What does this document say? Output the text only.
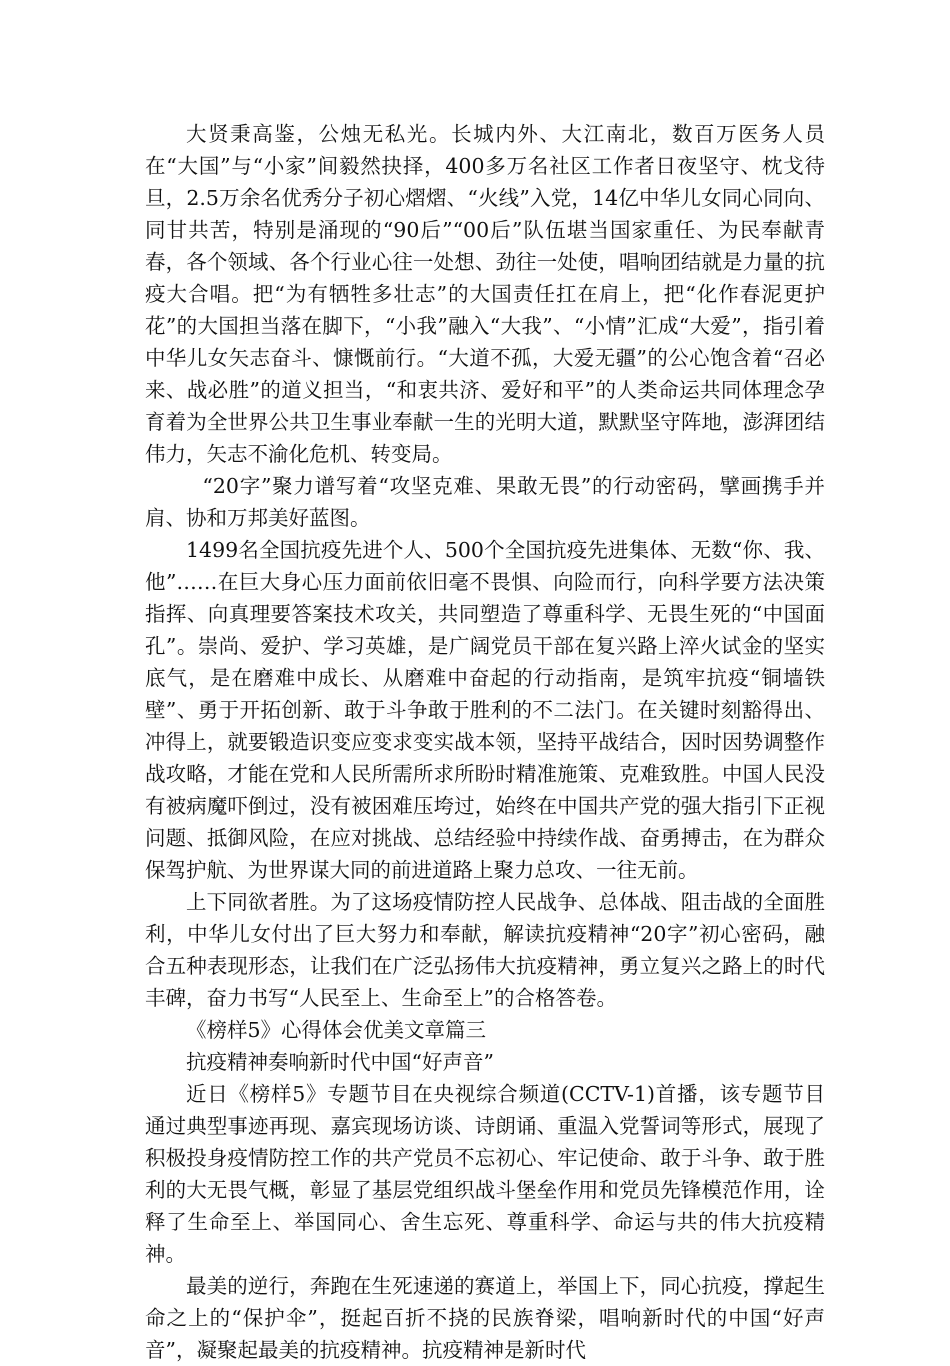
大贤秉高鉴，公烛无私光。长城内外、大江南北，数百万医务人员在“大国”与“小家”间毅然抉择，400多万名社区工作者日夜坚守、枕戈待旦，2.5万余名优秀分子初心熠熠、“火线”入党，14亿中华儿女同心同向、同甘共苦，特别是涌现的“90后”“00后”队伍堪当国家重任、为民奉献青春，各个领域、各个行业心往一处想、劲往一处使，唱响团结就是力量的抗疫大合唱。把“为有牺牲多壮志”的大国责任扛在肩上，把“化作春泥更护花”的大国担当落在脚下，“小我”融入“大我”、“小情”汇成“大爱”，指引着中华儿女矢志奋斗、慷慨前行。“大道不孤，大爱无疆”的公心饱含着“召必来、战必胜”的道义担当，“和衷共济、爱好和平”的人类命运共同体理念孕育着为全世界公共卫生事业奉献一生的光明大道，默默坚守阵地，澎湃团结伟力，矢志不渝化危机、转变局。

“20字”聚力谱写着“攻坚克难、果敢无畏”的行动密码，擘画携手并肩、协和万邦美好蓝图。

1499名全国抗疫先进个人、500个全国抗疫先进集体、无数“你、我、他”……在巨大身心压力面前依旧毫不畏惧、向险而行，向科学要方法决策指挥、向真理要答案技术攻关，共同塑造了尊重科学、无畏生死的“中国面孔”。崇尚、爱护、学习英雄，是广阔党员干部在复兴路上淬火试金的坚实底气，是在磨难中成长、从磨难中奋起的行动指南，是筑牢抗疫“铜墙铁壁”、勇于开拓创新、敢于斗争敢于胜利的不二法门。在关键时刻豁得出、冲得上，就要锻造识变应变求变实战本领，坚持平战结合，因时因势调整作战攻略，才能在党和人民所需所求所盼时精准施策、克难致胜。中国人民没有被病魔吓倒过，没有被困难压垮过，始终在中国共产党的强大指引下正视问题、抵御风险，在应对挑战、总结经验中持续作战、奋勇搏击，在为群众保驾护航、为世界谋大同的前进道路上聚力总攻、一往无前。

上下同欲者胜。为了这场疫情防控人民战争、总体战、阻击战的全面胜利，中华儿女付出了巨大努力和奉献，解读抗疫精神“20字”初心密码，融合五种表现形态，让我们在广泛弘扬伟大抗疫精神，勇立复兴之路上的时代丰碑，奋力书写“人民至上、生命至上”的合格答卷。

《榜样5》心得体会优美文章篇三

抗疫精神奏响新时代中国“好声音”

近日《榜样5》专题节目在央视综合频道(CCTV-1)首播，该专题节目通过典型事迹再现、嘉宾现场访谈、诗朗诵、重温入党誓词等形式，展现了积极投身疫情防控工作的共产党员不忘初心、牢记使命、敢于斗争、敢于胜利的大无畏气概，彰显了基层党组织战斗堡垒作用和党员先锋模范作用，诠释了生命至上、举国同心、舍生忘死、尊重科学、命运与共的伟大抗疫精神。

最美的逆行，奔跑在生死速递的赛道上，举国上下，同心抗疫，撑起生命之上的“保护伞”，挺起百折不挠的民族脊梁，唱响新时代的中国“好声音”，凝聚起最美的抗疫精神。抗疫精神是新时代
